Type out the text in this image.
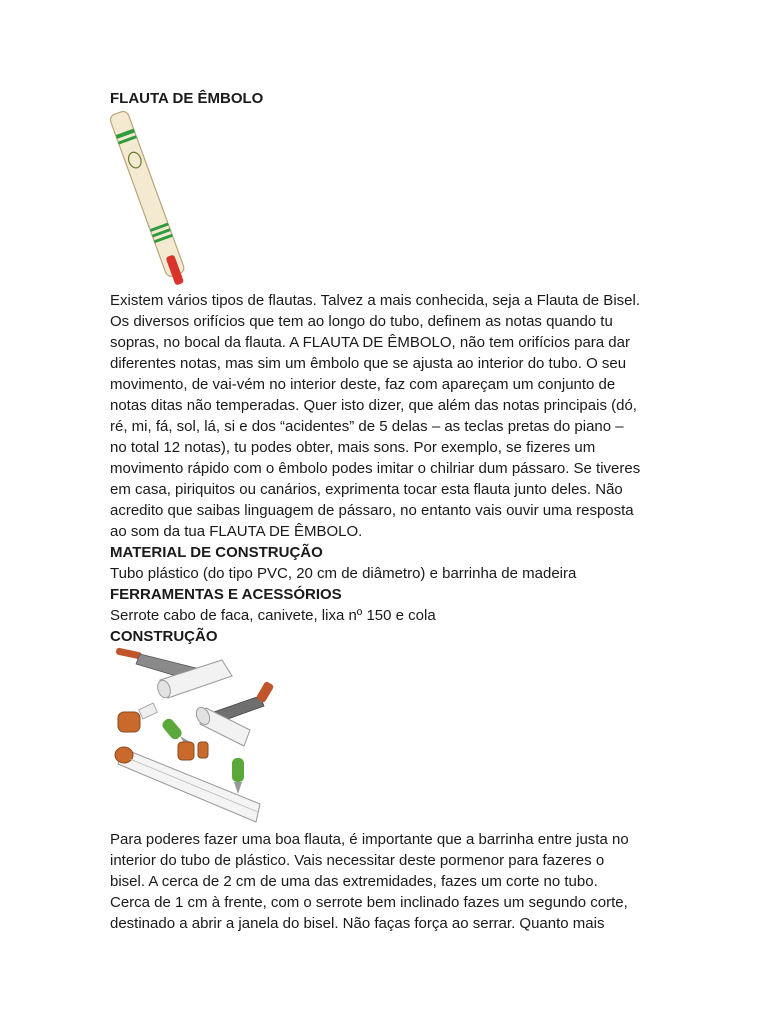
FLAUTA DE ÊMBOLO
Existem vários tipos de flautas. Talvez a mais conhecida, seja a Flauta de Bisel.
Os diversos orifícios que tem ao longo do tubo, definem as notas quando tu
sopras, no bocal da flauta. A FLAUTA DE ÊMBOLO, não tem orifícios para dar
diferentes notas, mas sim um êmbolo que se ajusta ao interior do tubo. O seu
movimento, de vai-vém no interior deste, faz com apareçam um conjunto de
notas ditas não temperadas. Quer isto dizer, que além das notas principais (dó,
ré, mi, fá, sol, lá, si e dos “acidentes” de 5 delas – as teclas pretas do piano –
no total 12 notas), tu podes obter, mais sons. Por exemplo, se fizeres um
movimento rápido com o êmbolo podes imitar o chilriar dum pássaro. Se tiveres
em casa, piriquitos ou canários, exprimenta tocar esta flauta junto deles. Não
acredito que saibas linguagem de pássaro, no entanto vais ouvir uma resposta
ao som da tua FLAUTA DE ÊMBOLO.
MATERIAL DE CONSTRUÇÃO
Tubo plástico (do tipo PVC, 20 cm de diâmetro) e barrinha de madeira
FERRAMENTAS E ACESSÓRIOS
Serrote cabo de faca, canivete, lixa nº 150 e cola
CONSTRUÇÃO
Para poderes fazer uma boa flauta, é importante que a barrinha entre justa no
interior do tubo de plástico. Vais necessitar deste pormenor para fazeres o
bisel. A cerca de 2 cm de uma das extremidades, fazes um corte no tubo.
Cerca de 1 cm à frente, com o serrote bem inclinado fazes um segundo corte,
destinado a abrir a janela do bisel. Não faças força ao serrar. Quanto mais
